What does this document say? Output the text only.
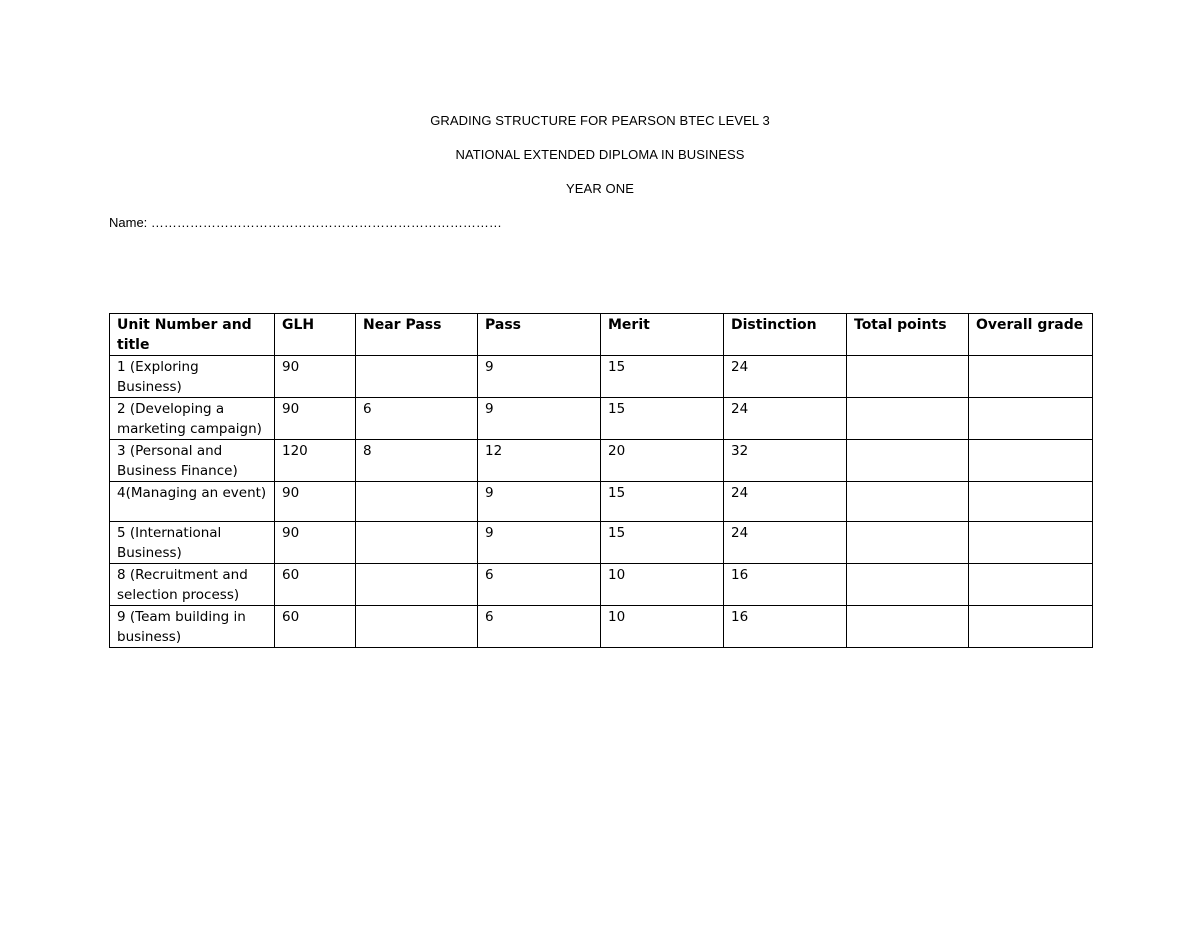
GRADING STRUCTURE FOR PEARSON BTEC LEVEL 3
NATIONAL EXTENDED DIPLOMA IN BUSINESS
YEAR ONE
Name: ………………………………………………………………………
Unit Number and title	GLH	Near Pass	Pass	Merit	Distinction	Total points	Overall grade
1 (Exploring Business)	90		9	15	24		
2 (Developing a marketing campaign)	90	6	9	15	24		
3 (Personal and Business Finance)	120	8	12	20	32		
4(Managing an event)	90		9	15	24		
5 (International Business)	90		9	15	24		
8 (Recruitment and selection process)	60		6	10	16		
9 (Team building in business)	60		6	10	16		
